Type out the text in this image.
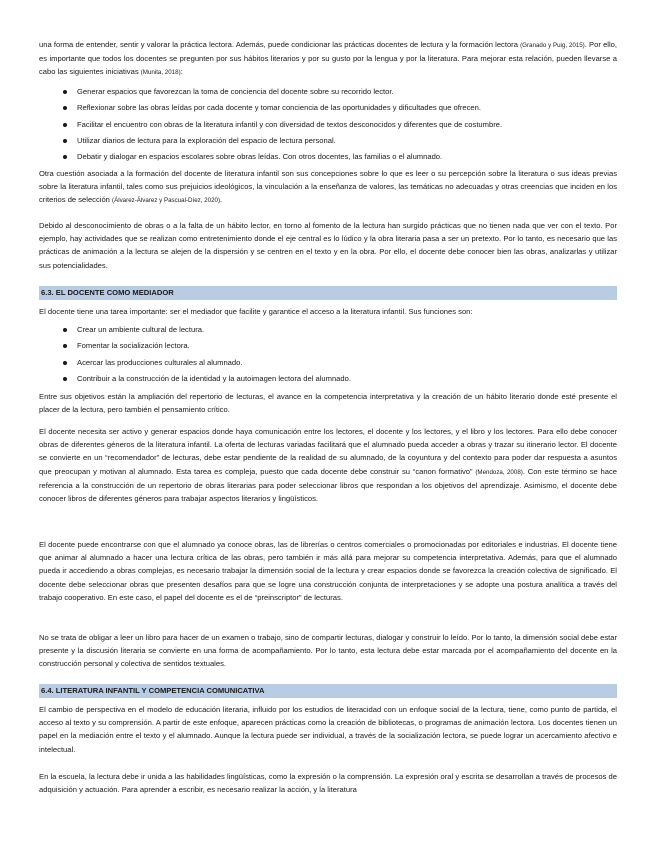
una forma de entender, sentir y valorar la práctica lectora. Además, puede condicionar las prácticas docentes de lectura y la formación lectora (Granado y Puig, 2015). Por ello, es importante que todos los docentes se pregunten por sus hábitos literarios y por su gusto por la lengua y por la literatura. Para mejorar esta relación, pueden llevarse a cabo las siguientes iniciativas (Munita, 2018):

Generar espacios que favorezcan la toma de conciencia del docente sobre su recorrido lector.
Reflexionar sobre las obras leídas por cada docente y tomar conciencia de las oportunidades y dificultades que ofrecen.
Facilitar el encuentro con obras de la literatura infantil y con diversidad de textos desconocidos y diferentes que de costumbre.
Utilizar diarios de lectura para la exploración del espacio de lectura personal.
Debatir y dialogar en espacios escolares sobre obras leídas. Con otros docentes, las familias o el alumnado.

Otra cuestión asociada a la formación del docente de literatura infantil son sus concepciones sobre lo que es leer o su percepción sobre la literatura o sus ideas previas sobre la literatura infantil, tales como sus prejuicios ideológicos, la vinculación a la enseñanza de valores, las temáticas no adecuadas y otras creencias que inciden en los criterios de selección (Álvarez-Álvarez y Pascual-Díez, 2020).

Debido al desconocimiento de obras o a la falta de un hábito lector, en torno al fomento de la lectura han surgido prácticas que no tienen nada que ver con el texto. Por ejemplo, hay actividades que se realizan como entretenimiento donde el eje central es lo lúdico y la obra literaria pasa a ser un pretexto. Por lo tanto, es necesario que las prácticas de animación a la lectura se alejen de la dispersión y se centren en el texto y en la obra. Por ello, el docente debe conocer bien las obras, analizarlas y utilizar sus potencialidades.

6.3. EL DOCENTE COMO MEDIADOR

El docente tiene una tarea importante: ser el mediador que facilite y garantice el acceso a la literatura infantil. Sus funciones son:

Crear un ambiente cultural de lectura.
Fomentar la socialización lectora.
Acercar las producciones culturales al alumnado.
Contribuir a la construcción de la identidad y la autoimagen lectora del alumnado.

Entre sus objetivos están la ampliación del repertorio de lecturas, el avance en la competencia interpretativa y la creación de un hábito literario donde esté presente el placer de la lectura, pero también el pensamiento crítico.

El docente necesita ser activo y generar espacios donde haya comunicación entre los lectores, el docente y los lectores, y el libro y los lectores. Para ello debe conocer obras de diferentes géneros de la literatura infantil. La oferta de lecturas variadas facilitará que el alumnado pueda acceder a obras y trazar su itinerario lector. El docente se convierte en un “recomendador” de lecturas, debe estar pendiente de la realidad de su alumnado, de la coyuntura y del contexto para poder dar respuesta a asuntos que preocupan y motivan al alumnado. Esta tarea es compleja, puesto que cada docente debe construir su “canon formativo” (Mendoza, 2008). Con este término se hace referencia a la construcción de un repertorio de obras literarias para poder seleccionar libros que respondan a los objetivos del aprendizaje. Asimismo, el docente debe conocer libros de diferentes géneros para trabajar aspectos literarios y lingüísticos.

El docente puede encontrarse con que el alumnado ya conoce obras, las de librerías o centros comerciales o promocionadas por editoriales e industrias. El docente tiene que animar al alumnado a hacer una lectura crítica de las obras, pero también ir más allá para mejorar su competencia interpretativa. Además, para que el alumnado pueda ir accediendo a obras complejas, es necesario trabajar la dimensión social de la lectura y crear espacios donde se favorezca la creación colectiva de significado. El docente debe seleccionar obras que presenten desafíos para que se logre una construcción conjunta de interpretaciones y se adopte una postura analítica a través del trabajo cooperativo. En este caso, el papel del docente es el de “preinscriptor” de lecturas.

No se trata de obligar a leer un libro para hacer de un examen o trabajo, sino de compartir lecturas, dialogar y construir lo leído. Por lo tanto, la dimensión social debe estar presente y la discusión literaria se convierte en una forma de acompañamiento. Por lo tanto, esta lectura debe estar marcada por el acompañamiento del docente en la construcción personal y colectiva de sentidos textuales.

6.4. LITERATURA INFANTIL Y COMPETENCIA COMUNICATIVA

El cambio de perspectiva en el modelo de educación literaria, influido por los estudios de literacidad con un enfoque social de la lectura, tiene, como punto de partida, el acceso al texto y su comprensión. A partir de este enfoque, aparecen prácticas como la creación de bibliotecas, o programas de animación lectora. Los docentes tienen un papel en la mediación entre el texto y el alumnado. Aunque la lectura puede ser individual, a través de la socialización lectora, se puede lograr un acercamiento afectivo e intelectual.

En la escuela, la lectura debe ir unida a las habilidades lingüísticas, como la expresión o la comprensión. La expresión oral y escrita se desarrollan a través de procesos de adquisición y actuación. Para aprender a escribir, es necesario realizar la acción, y la literatura
